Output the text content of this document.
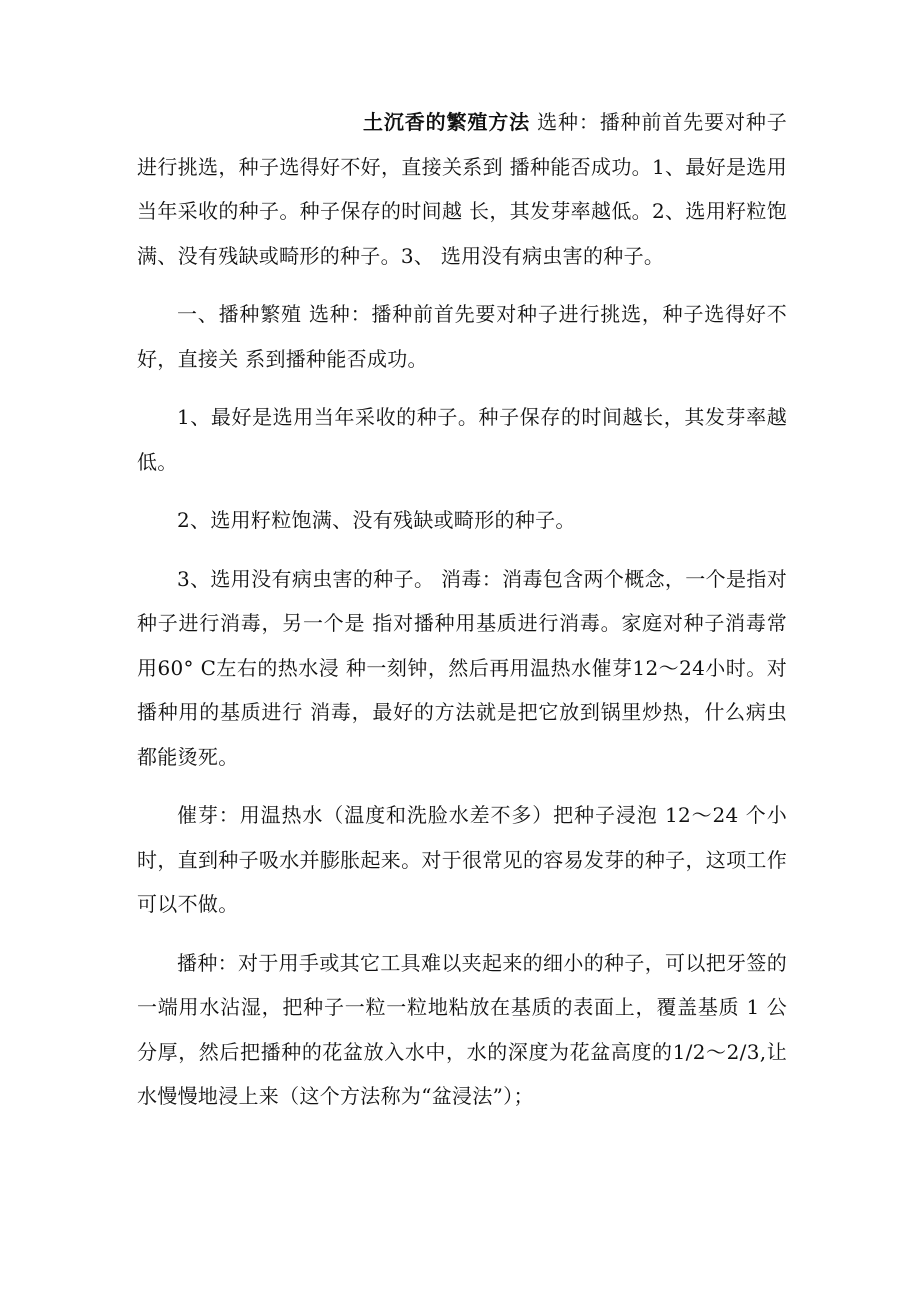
土沉香的繁殖方法 选种：播种前首先要对种子进行挑选，种子选得好不好，直接关系到 播种能否成功。1、最好是选用当年采收的种子。种子保存的时间越 长，其发芽率越低。2、选用籽粒饱满、没有残缺或畸形的种子。3、 选用没有病虫害的种子。

一、播种繁殖 选种：播种前首先要对种子进行挑选，种子选得好不好，直接关 系到播种能否成功。

1、最好是选用当年采收的种子。种子保存的时间越长，其发芽率越低。

2、选用籽粒饱满、没有残缺或畸形的种子。

3、选用没有病虫害的种子。 消毒：消毒包含两个概念，一个是指对种子进行消毒，另一个是 指对播种用基质进行消毒。家庭对种子消毒常用60° C左右的热水浸 种一刻钟，然后再用温热水催芽12〜24小时。对播种用的基质进行 消毒，最好的方法就是把它放到锅里炒热，什么病虫都能烫死。

催芽：用温热水（温度和洗脸水差不多）把种子浸泡 12〜24 个小时，直到种子吸水并膨胀起来。对于很常见的容易发芽的种子，这项工作可以不做。

播种：对于用手或其它工具难以夹起来的细小的种子，可以把牙签的一端用水沾湿，把种子一粒一粒地粘放在基质的表面上，覆盖基质 1 公分厚，然后把播种的花盆放入水中，水的深度为花盆高度的1/2〜2/3,让水慢慢地浸上来（这个方法称为“盆浸法”）；
